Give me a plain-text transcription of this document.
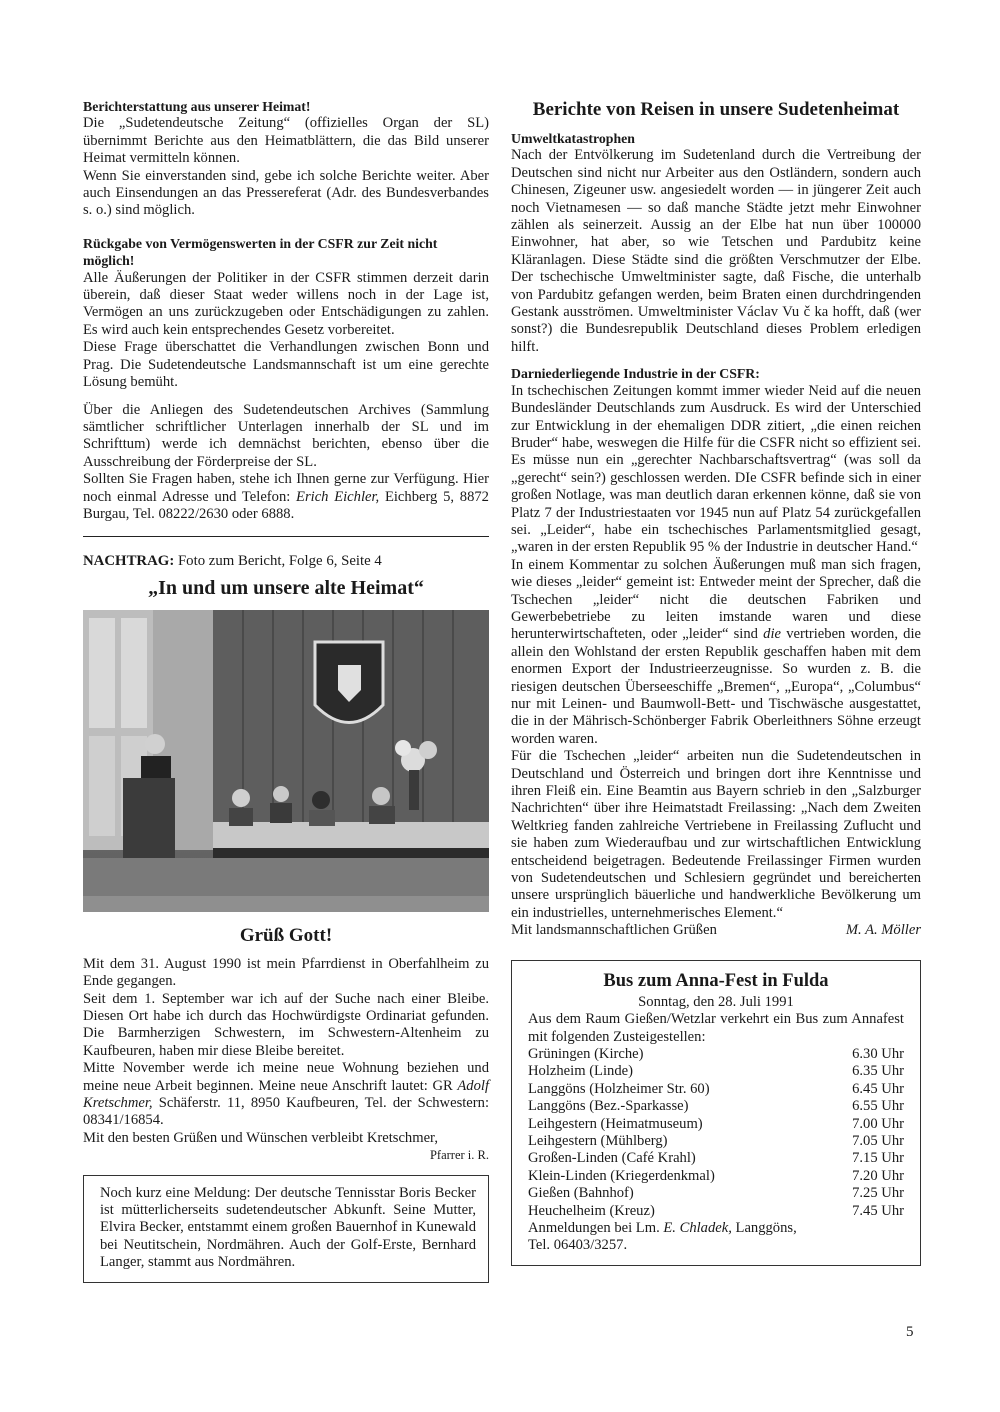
Berichterstattung aus unserer Heimat!

Die „Sudetendeutsche Zeitung“ (offizielles Organ der SL) übernimmt Berichte aus den Heimatblättern, die das Bild unserer Heimat vermitteln können.

Wenn Sie einverstanden sind, gebe ich solche Berichte weiter. Aber auch Einsendungen an das Pressereferat (Adr. des Bundesverbandes s. o.) sind möglich.

Rückgabe von Vermögenswerten in der CSFR zur Zeit nicht möglich!

Alle Äußerungen der Politiker in der CSFR stimmen derzeit darin überein, daß dieser Staat weder willens noch in der Lage ist, Vermögen an uns zurückzugeben oder Entschädigungen zu zahlen. Es wird auch kein entsprechendes Gesetz vorbereitet.

Diese Frage überschattet die Verhandlungen zwischen Bonn und Prag. Die Sudetendeutsche Landsmannschaft ist um eine gerechte Lösung bemüht.

Über die Anliegen des Sudetendeutschen Archives (Sammlung sämtlicher schriftlicher Unterlagen innerhalb der SL und im Schrifttum) werde ich demnächst berichten, ebenso über die Ausschreibung der Förderpreise der SL.

Sollten Sie Fragen haben, stehe ich Ihnen gerne zur Verfügung. Hier noch einmal Adresse und Telefon: Erich Eichler, Eichberg 5, 8872 Burgau, Tel. 08222/2630 oder 6888.

NACHTRAG: Foto zum Bericht, Folge 6, Seite 4

„In und um unsere alte Heimat“

Grüß Gott!

Mit dem 31. August 1990 ist mein Pfarrdienst in Oberfahlheim zu Ende gegangen.

Seit dem 1. September war ich auf der Suche nach einer Bleibe. Diesen Ort habe ich durch das Hochwürdigste Ordinariat gefunden. Die Barmherzigen Schwestern, im Schwestern-Altenheim zu Kaufbeuren, haben mir diese Bleibe bereitet.

Mitte November werde ich meine neue Wohnung beziehen und meine neue Arbeit beginnen. Meine neue Anschrift lautet: GR Adolf Kretschmer, Schäferstr. 11, 8950 Kaufbeuren, Tel. der Schwestern: 08341/16854.

Mit den besten Grüßen und Wünschen verbleibt Kretschmer,

Pfarrer i. R.

Noch kurz eine Meldung: Der deutsche Tennisstar Boris Becker ist mütterlicherseits sudetendeutscher Abkunft. Seine Mutter, Elvira Becker, entstammt einem großen Bauernhof in Kunewald bei Neutitschein, Nordmähren. Auch der Golf-Erste, Bernhard Langer, stammt aus Nordmähren.

Berichte von Reisen in unsere Sudetenheimat

Umweltkatastrophen

Nach der Entvölkerung im Sudetenland durch die Vertreibung der Deutschen sind nicht nur Arbeiter aus den Ostländern, sondern auch Chinesen, Zigeuner usw. angesiedelt worden — in jüngerer Zeit auch noch Vietnamesen — so daß manche Städte jetzt mehr Einwohner zählen als seinerzeit. Aussig an der Elbe hat nun über 100000 Einwohner, hat aber, so wie Tetschen und Pardubitz keine Kläranlagen. Diese Städte sind die größten Verschmutzer der Elbe. Der tschechische Umweltminister sagte, daß Fische, die unterhalb von Pardubitz gefangen werden, beim Braten einen durchdringenden Gestank ausströmen. Umweltminister Václav Vu č ka hofft, daß (wer sonst?) die Bundesrepublik Deutschland dieses Problem erledigen hilft.

Darniederliegende Industrie in der CSFR:

In tschechischen Zeitungen kommt immer wieder Neid auf die neuen Bundesländer Deutschlands zum Ausdruck. Es wird der Unterschied zur Entwicklung in der ehemaligen DDR zitiert, „die einen reichen Bruder“ habe, weswegen die Hilfe für die CSFR nicht so effizient sei. Es müsse nun ein „gerechter Nachbarschaftsvertrag“ (was soll da „gerecht“ sein?) geschlossen werden. DIe CSFR befinde sich in einer großen Notlage, was man deutlich daran erkennen könne, daß sie von Platz 7 der Industriestaaten vor 1945 nun auf Platz 54 zurückgefallen sei. „Leider“, habe ein tschechisches Parlamentsmitglied gesagt, „waren in der ersten Republik 95 % der Industrie in deutscher Hand.“

In einem Kommentar zu solchen Äußerungen muß man sich fragen, wie dieses „leider“ gemeint ist: Entweder meint der Sprecher, daß die Tschechen „leider“ nicht die deutschen Fabriken und Gewerbebetriebe zu leiten imstande waren und diese herunterwirtschafteten, oder „leider“ sind die vertrieben worden, die allein den Wohlstand der ersten Republik geschaffen haben mit dem enormen Export der Industrieerzeugnisse. So wurden z. B. die riesigen deutschen Überseeschiffe „Bremen“, „Europa“, „Columbus“ nur mit Leinen- und Baumwoll-Bett- und Tischwäsche ausgestattet, die in der Mährisch-Schönberger Fabrik Oberleithners Söhne erzeugt worden waren.

Für die Tschechen „leider“ arbeiten nun die Sudetendeutschen in Deutschland und Österreich und bringen dort ihre Kenntnisse und ihren Fleiß ein. Eine Beamtin aus Bayern schrieb in den „Salzburger Nachrichten“ über ihre Heimatstadt Freilassing: „Nach dem Zweiten Weltkrieg fanden zahlreiche Vertriebene in Freilassing Zuflucht und sie haben zum Wiederaufbau und zur wirtschaftlichen Entwicklung entscheidend beigetragen. Bedeutende Freilassinger Firmen wurden von Sudetendeutschen und Schlesiern gegründet und bereicherten unsere ursprünglich bäuerliche und handwerkliche Bevölkerung um ein industrielles, unternehmerisches Element.“

Mit landsmannschaftlichen Grüßen	M. A. Möller

Bus zum Anna-Fest in Fulda

Sonntag, den 28. Juli 1991

Aus dem Raum Gießen/Wetzlar verkehrt ein Bus zum Annafest mit folgenden Zusteigestellen:

Grüningen (Kirche)	6.30 Uhr
Holzheim (Linde)	6.35 Uhr
Langgöns (Holzheimer Str. 60)	6.45 Uhr
Langgöns (Bez.-Sparkasse)	6.55 Uhr
Leihgestern (Heimatmuseum)	7.00 Uhr
Leihgestern (Mühlberg)	7.05 Uhr
Großen-Linden (Café Krahl)	7.15 Uhr
Klein-Linden (Kriegerdenkmal)	7.20 Uhr
Gießen (Bahnhof)	7.25 Uhr
Heuchelheim (Kreuz)	7.45 Uhr

Anmeldungen bei Lm. E. Chladek, Langgöns,

Tel. 06403/3257.

5
